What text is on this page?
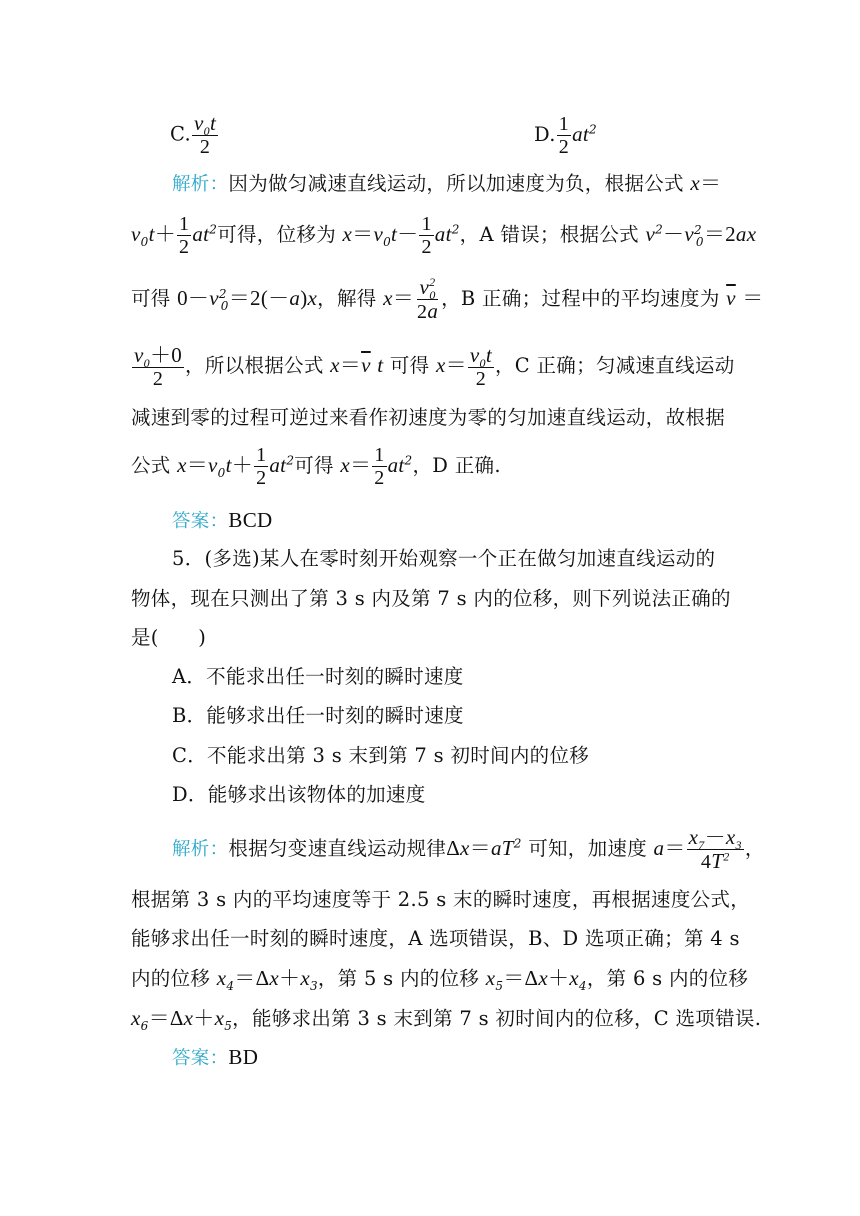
C. $\frac{v_0t}{2}$	D. $\frac{1}{2} at^2$
解析：因为做匀减速直线运动，所以加速度为负，根据公式 x＝
$v_0t+ \frac{1}{2} at^2$可得，位移为 $x=v_0t- \frac{1}{2} at^2$，A 错误；根据公式 $v^2-v^2_0=2ax$
可得 $0-v^2_0=2(-a)x$，解得 $x= \frac{v^2_0}{2a}$ ，B 正确；过程中的平均速度为 $\overline{v}$ ＝
$\frac{v_0+0}{2}$ ，所以根据公式 $x=\overline{v}$ t 可得 $x= \frac{v_0t}{2}$ ，C 正确；匀减速直线运动
减速到零的过程可逆过来看作初速度为零的匀加速直线运动，故根据
公式 $x=v_0t+ \frac{1}{2} at^2$可得 $x= \frac{1}{2} at^2$，D 正确.
答案：BCD
5．(多选)某人在零时刻开始观察一个正在做匀加速直线运动的
物体，现在只测出了第 3 s 内及第 7 s 内的位移，则下列说法正确的
是(　　)
A．不能求出任一时刻的瞬时速度
B．能够求出任一时刻的瞬时速度
C．不能求出第 3 s 末到第 7 s 初时间内的位移
D．能够求出该物体的加速度
解析：根据匀变速直线运动规律$\Delta x=aT^2$ 可知，加速度 $a= \frac{x_7-x_3}{4T^2}$ ，
根据第 3 s 内的平均速度等于 2.5 s 末的瞬时速度，再根据速度公式，
能够求出任一时刻的瞬时速度，A 选项错误，B、D 选项正确；第 4 s
内的位移 $x_4=\Delta x+x_3$，第 5 s 内的位移 $x_5=\Delta x+x_4$，第 6 s 内的位移
$x_6=\Delta x+x_5$，能够求出第 3 s 末到第 7 s 初时间内的位移，C 选项错误.
答案：BD
